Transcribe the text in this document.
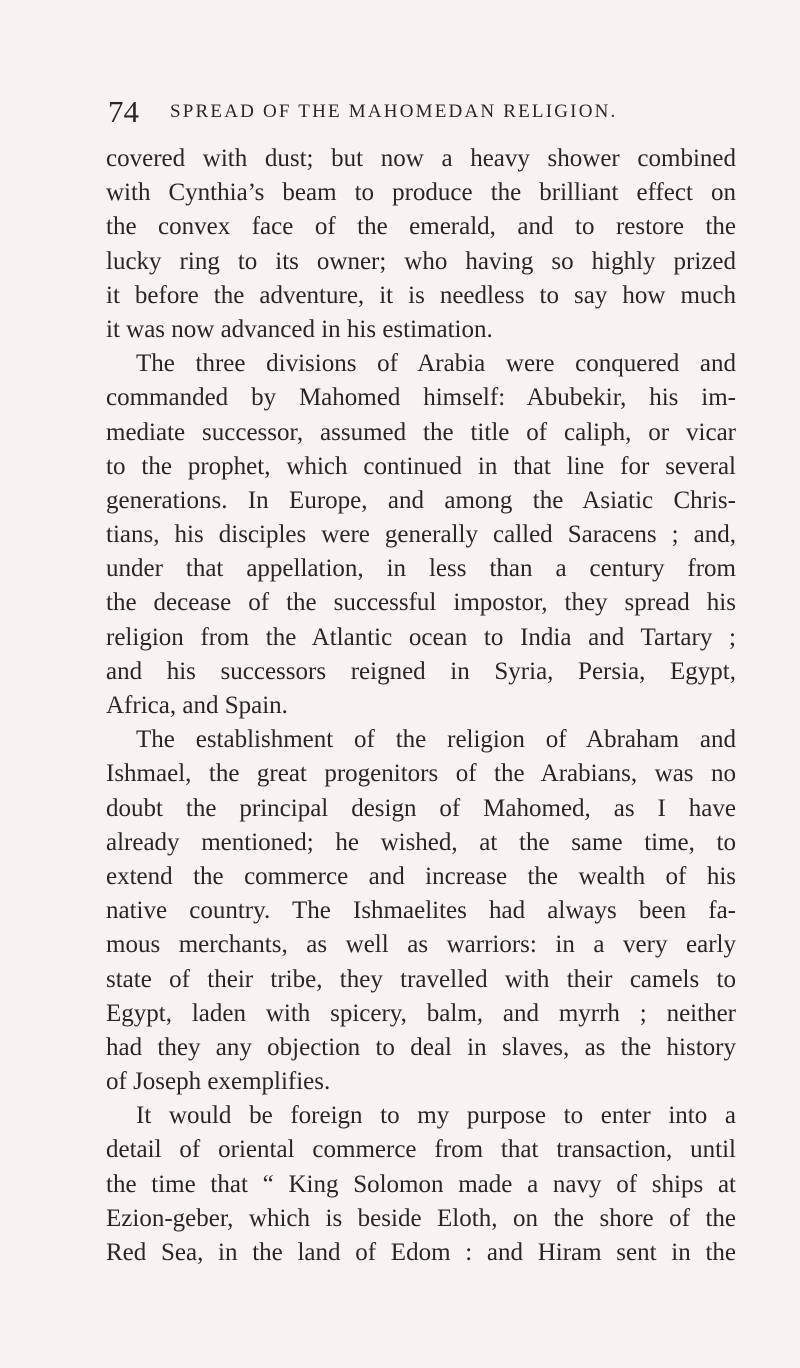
74 SPREAD OF THE MAHOMEDAN RELIGION.
covered with dust; but now a heavy shower combined
with Cynthia’s beam to produce the brilliant effect on
the convex face of the emerald, and to restore the
lucky ring to its owner; who having so highly prized
it before the adventure, it is needless to say how much
it was now advanced in his estimation.
The three divisions of Arabia were conquered and
commanded by Mahomed himself: Abubekir, his im-
mediate successor, assumed the title of caliph, or vicar
to the prophet, which continued in that line for several
generations. In Europe, and among the Asiatic Chris-
tians, his disciples were generally called Saracens ; and,
under that appellation, in less than a century from
the decease of the successful impostor, they spread his
religion from the Atlantic ocean to India and Tartary ;
and his successors reigned in Syria, Persia, Egypt,
Africa, and Spain.
The establishment of the religion of Abraham and
Ishmael, the great progenitors of the Arabians, was no
doubt the principal design of Mahomed, as I have
already mentioned; he wished, at the same time, to
extend the commerce and increase the wealth of his
native country. The Ishmaelites had always been fa-
mous merchants, as well as warriors: in a very early
state of their tribe, they travelled with their camels to
Egypt, laden with spicery, balm, and myrrh ; neither
had they any objection to deal in slaves, as the history
of Joseph exemplifies.
It would be foreign to my purpose to enter into a
detail of oriental commerce from that transaction, until
the time that “ King Solomon made a navy of ships at
Ezion-geber, which is beside Eloth, on the shore of the
Red Sea, in the land of Edom : and Hiram sent in the
